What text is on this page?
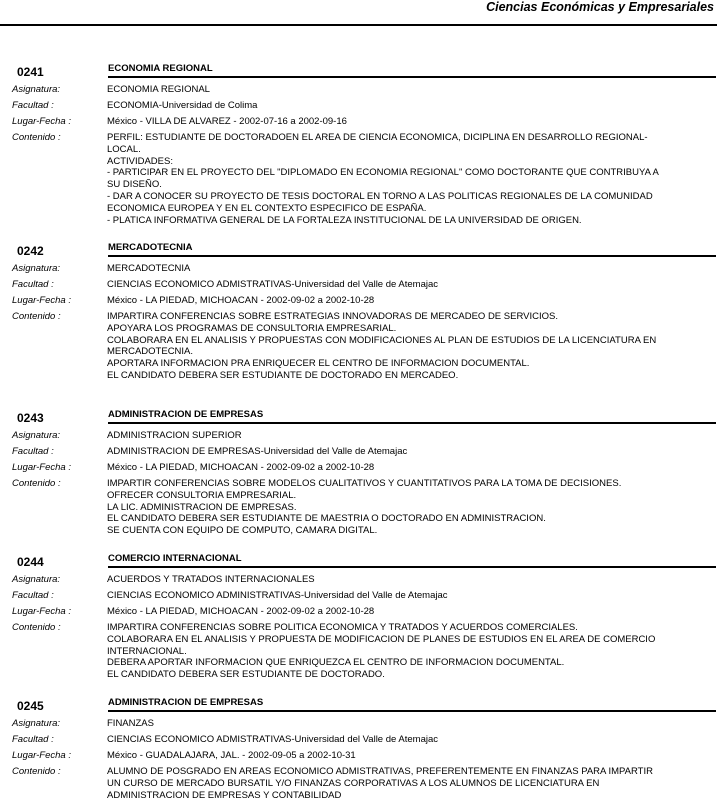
Ciencias Económicas y Empresariales
0241	ECONOMIA REGIONAL
Asignatura:	ECONOMIA REGIONAL
Facultad :	ECONOMIA-Universidad de Colima
Lugar-Fecha :	México - VILLA DE ALVAREZ - 2002-07-16 a 2002-09-16
Contenido :	PERFIL: ESTUDIANTE DE DOCTORADOEN EL AREA DE CIENCIA ECONOMICA, DICIPLINA EN DESARROLLO REGIONAL-
LOCAL.
ACTIVIDADES:
- PARTICIPAR EN EL PROYECTO DEL "DIPLOMADO EN ECONOMIA REGIONAL" COMO DOCTORANTE QUE CONTRIBUYA A
SU DISEÑO.
- DAR A CONOCER SU PROYECTO DE TESIS DOCTORAL EN TORNO A LAS POLITICAS REGIONALES DE LA COMUNIDAD
ECONOMICA EUROPEA Y EN EL CONTEXTO ESPECIFICO DE ESPAÑA.
- PLATICA INFORMATIVA GENERAL DE LA FORTALEZA INSTITUCIONAL DE LA UNIVERSIDAD DE ORIGEN.
0242	MERCADOTECNIA
Asignatura:	MERCADOTECNIA
Facultad :	CIENCIAS ECONOMICO ADMISTRATIVAS-Universidad del Valle de Atemajac
Lugar-Fecha :	México - LA PIEDAD, MICHOACAN - 2002-09-02 a 2002-10-28
Contenido :	IMPARTIRA CONFERENCIAS SOBRE ESTRATEGIAS INNOVADORAS DE MERCADEO DE SERVICIOS.
APOYARA LOS PROGRAMAS DE CONSULTORIA EMPRESARIAL.
COLABORARA EN EL ANALISIS Y PROPUESTAS CON MODIFICACIONES AL PLAN DE ESTUDIOS DE LA LICENCIATURA EN
MERCADOTECNIA.
APORTARA INFORMACION PRA ENRIQUECER EL CENTRO DE INFORMACION DOCUMENTAL.
EL CANDIDATO DEBERA SER ESTUDIANTE DE DOCTORADO EN MERCADEO.
0243	ADMINISTRACION DE EMPRESAS
Asignatura:	ADMINISTRACION SUPERIOR
Facultad :	ADMINISTRACION DE EMPRESAS-Universidad del Valle de Atemajac
Lugar-Fecha :	México - LA PIEDAD, MICHOACAN - 2002-09-02 a 2002-10-28
Contenido :	IMPARTIR CONFERENCIAS SOBRE MODELOS CUALITATIVOS Y CUANTITATIVOS PARA LA TOMA DE DECISIONES.
OFRECER CONSULTORIA EMPRESARIAL.
LA LIC. ADMINISTRACION DE EMPRESAS.
EL CANDIDATO DEBERA SER ESTUDIANTE DE MAESTRIA O DOCTORADO EN ADMINISTRACION.
SE CUENTA CON EQUIPO DE COMPUTO, CAMARA DIGITAL.
0244	COMERCIO INTERNACIONAL
Asignatura:	ACUERDOS Y TRATADOS INTERNACIONALES
Facultad :	CIENCIAS ECONOMICO ADMINISTRATIVAS-Universidad del Valle de Atemajac
Lugar-Fecha :	México - LA PIEDAD, MICHOACAN - 2002-09-02 a 2002-10-28
Contenido :	IMPARTIRA CONFERENCIAS SOBRE POLITICA ECONOMICA Y TRATADOS Y ACUERDOS COMERCIALES.
COLABORARA EN EL ANALISIS Y PROPUESTA DE MODIFICACION DE PLANES DE ESTUDIOS EN EL AREA DE COMERCIO
INTERNACIONAL.
DEBERA APORTAR INFORMACION QUE ENRIQUEZCA EL CENTRO DE INFORMACION DOCUMENTAL.
EL CANDIDATO DEBERA SER ESTUDIANTE DE DOCTORADO.
0245	ADMINISTRACION DE EMPRESAS
Asignatura:	FINANZAS
Facultad :	CIENCIAS ECONOMICO ADMISTRATIVAS-Universidad del Valle de Atemajac
Lugar-Fecha :	México - GUADALAJARA, JAL. - 2002-09-05 a 2002-10-31
Contenido :	ALUMNO DE POSGRADO EN AREAS ECONOMICO ADMISTRATIVAS, PREFERENTEMENTE EN FINANZAS PARA IMPARTIR
UN CURSO DE MERCADO BURSATIL Y/O FINANZAS CORPORATIVAS A LOS ALUMNOS DE LICENCIATURA EN
ADMINISTRACION DE EMPRESAS Y CONTABILIDAD
